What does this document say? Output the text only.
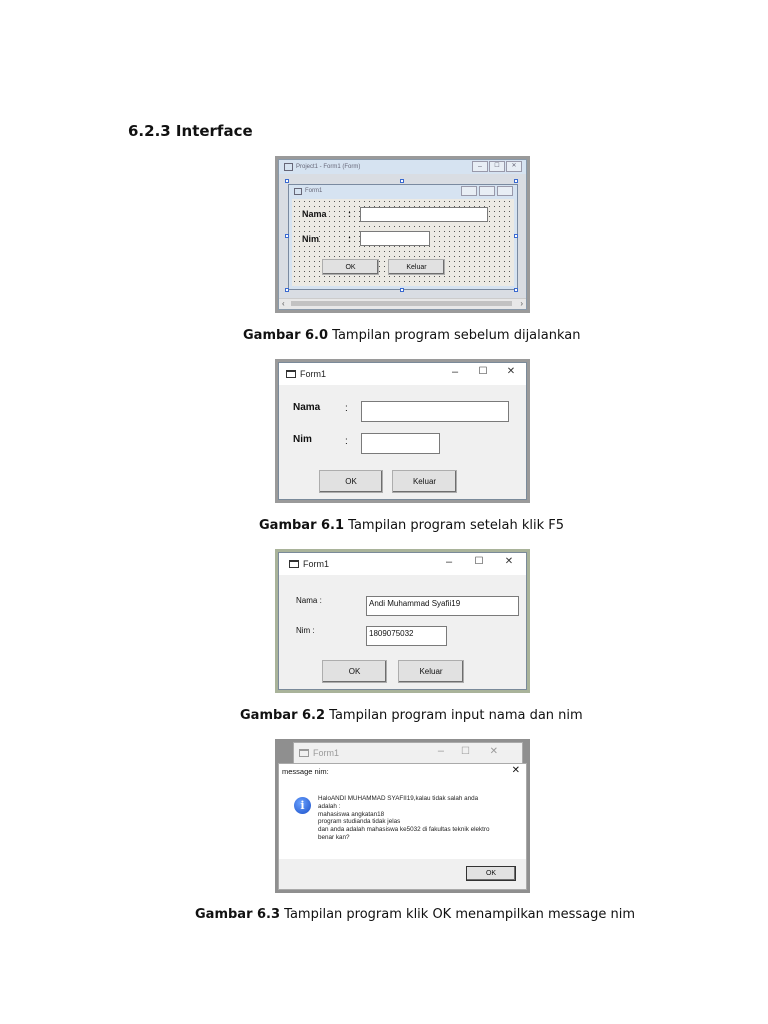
6.2.3 Interface
Project1 - Form1 (Form)	–	☐	✕
Form1
Nama :
Nim	:
OK	Keluar
‹	›
Gambar 6.0 Tampilan program sebelum dijalankan
Form1	–	☐ ✕
Nama :
Nim	:
OK	Keluar
Gambar 6.1 Tampilan program setelah klik F5
Form1	–	☐ ✕
Nama :	Andi Muhammad Syafii19
Nim :	1809075032
OK	Keluar
Gambar 6.2 Tampilan program input nama dan nim
Form1	– ☐ ✕
message nim:	✕
i
HaloANDI MUHAMMAD SYAFII19,kalau tidak salah anda
adalah :
mahasiswa angkatan18
program studianda tidak jelas
dan anda adalah mahasiswa ke5032 di fakultas teknik elektro
benar kan?
OK
Gambar 6.3 Tampilan program klik OK menampilkan message nim
